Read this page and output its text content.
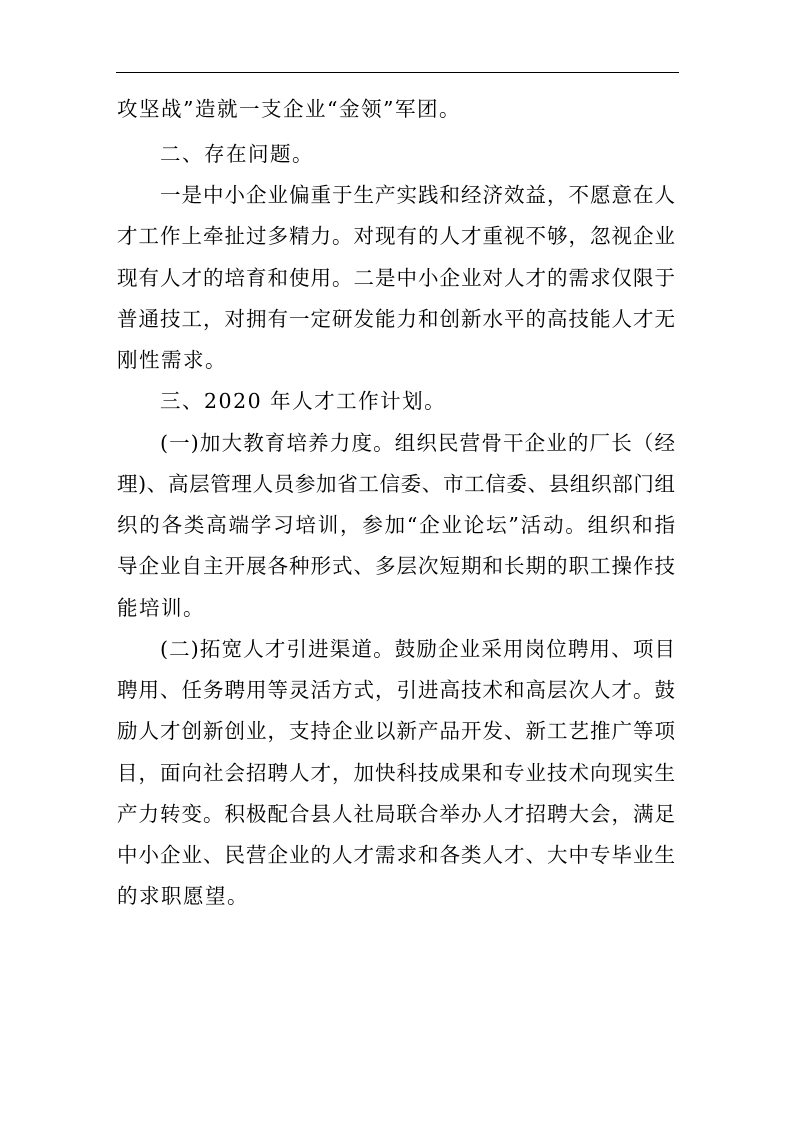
攻坚战”造就一支企业“金领”军团。
二、存在问题。
一是中小企业偏重于生产实践和经济效益，不愿意在人
才工作上牵扯过多精力。对现有的人才重视不够，忽视企业
现有人才的培育和使用。二是中小企业对人才的需求仅限于
普通技工，对拥有一定研发能力和创新水平的高技能人才无
刚性需求。
三、2020 年人才工作计划。
(一)加大教育培养力度。组织民营骨干企业的厂长（经
理)、高层管理人员参加省工信委、市工信委、县组织部门组
织的各类高端学习培训，参加“企业论坛”活动。组织和指
导企业自主开展各种形式、多层次短期和长期的职工操作技
能培训。
(二)拓宽人才引进渠道。鼓励企业采用岗位聘用、项目
聘用、任务聘用等灵活方式，引进高技术和高层次人才。鼓
励人才创新创业，支持企业以新产品开发、新工艺推广等项
目，面向社会招聘人才，加快科技成果和专业技术向现实生
产力转变。积极配合县人社局联合举办人才招聘大会，满足
中小企业、民营企业的人才需求和各类人才、大中专毕业生
的求职愿望。
